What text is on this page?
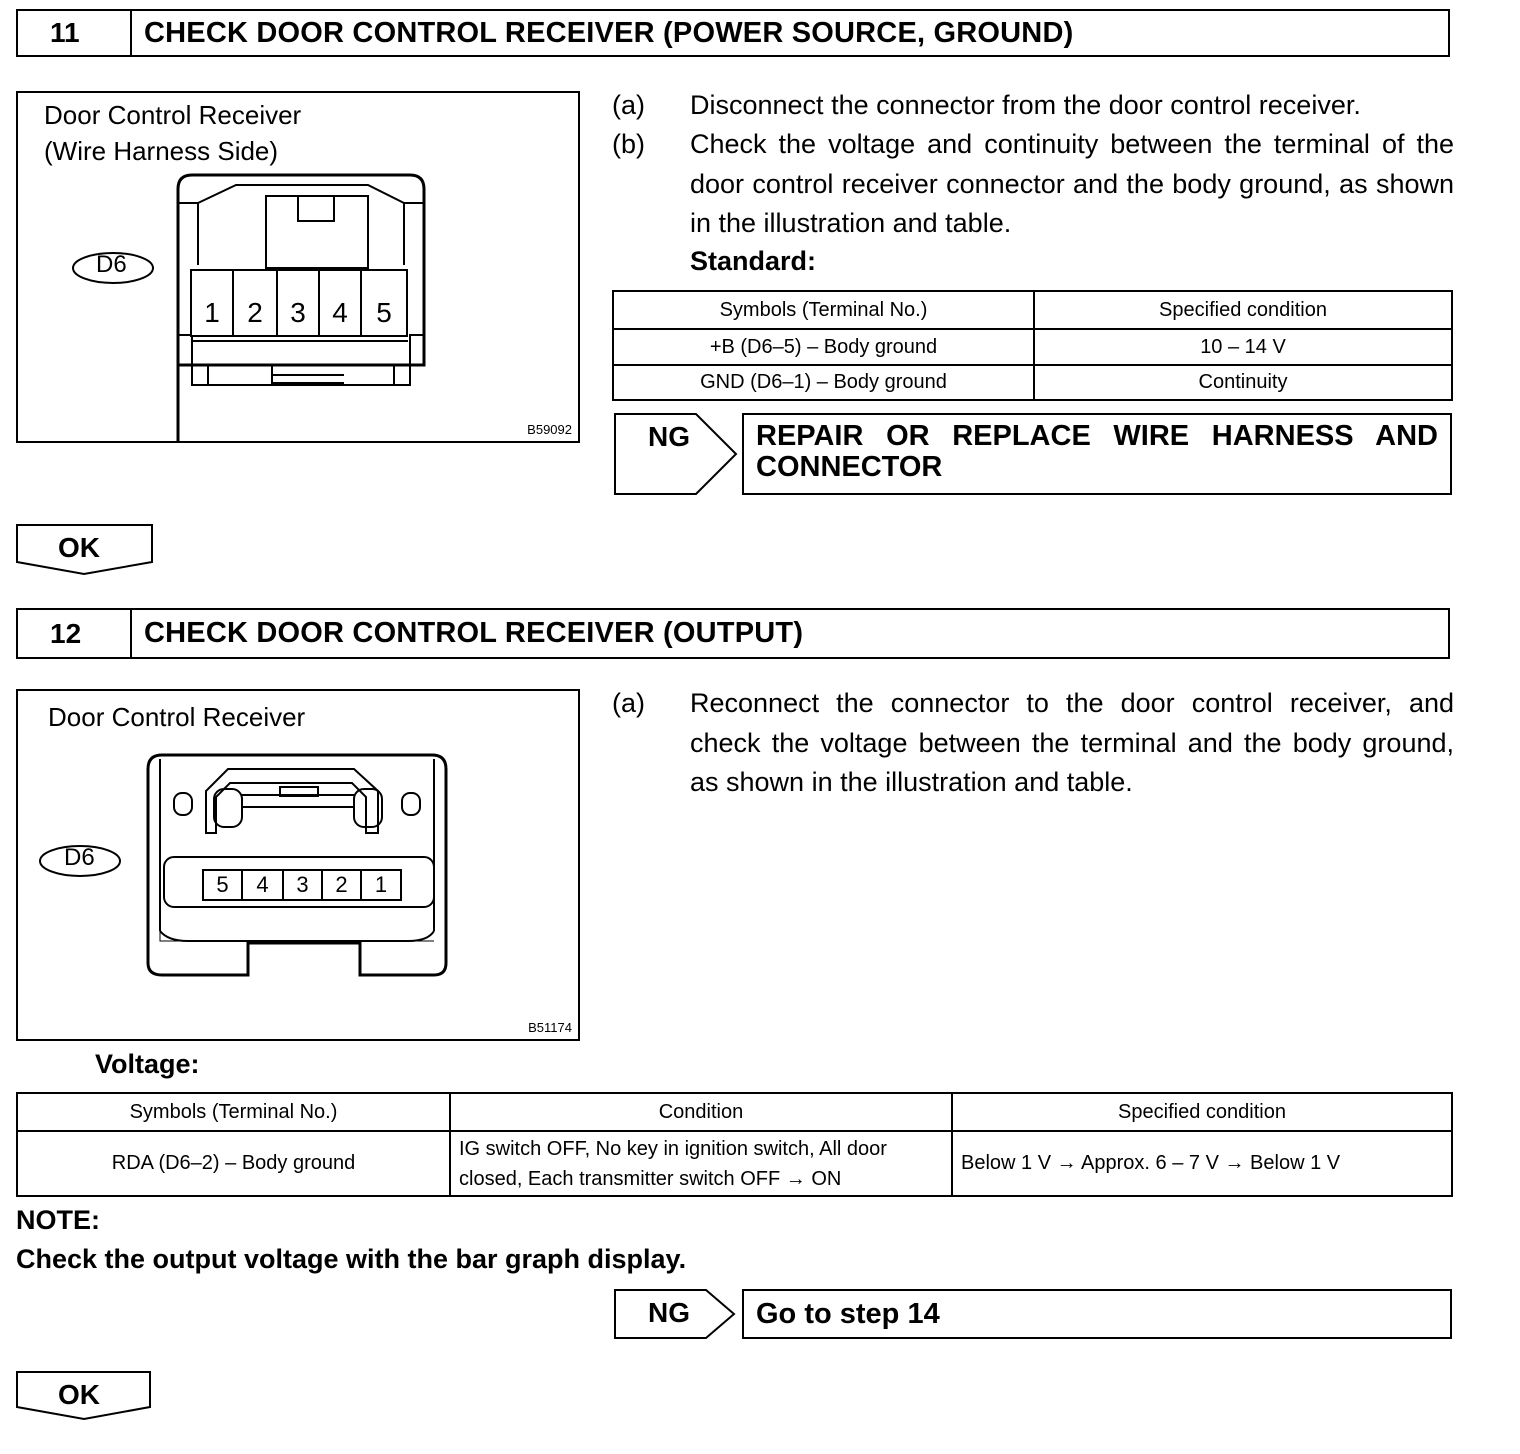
11	CHECK DOOR CONTROL RECEIVER (POWER SOURCE, GROUND)
Door Control Receiver
(Wire Harness Side)
D6
1 2 3 4	5
B59092
(a) Disconnect the connector from the door control receiver.
(b) Check the voltage and continuity between the terminal of the door control receiver connector and the body ground, as shown in the illustration and table.
Standard:
Symbols (Terminal No.)	Specified condition
+B (D6–5) – Body ground	10 – 14 V
GND (D6–1) – Body ground	Continuity
NG	REPAIR OR REPLACE WIRE HARNESS AND CONNECTOR
OK
12	CHECK DOOR CONTROL RECEIVER (OUTPUT)
Door Control Receiver
D6
5	4	3	2	1
B51174
(a) Reconnect the connector to the door control receiver, and check the voltage between the terminal and the body ground, as shown in the illustration and table.
Voltage:
Symbols (Terminal No.)	Condition	Specified condition
RDA (D6–2) – Body ground	IG switch OFF, No key in ignition switch, All door closed, Each transmitter switch OFF → ON	Below 1 V → Approx. 6 – 7 V → Below 1 V
NOTE:
Check the output voltage with the bar graph display.
NG	Go to step 14
OK
